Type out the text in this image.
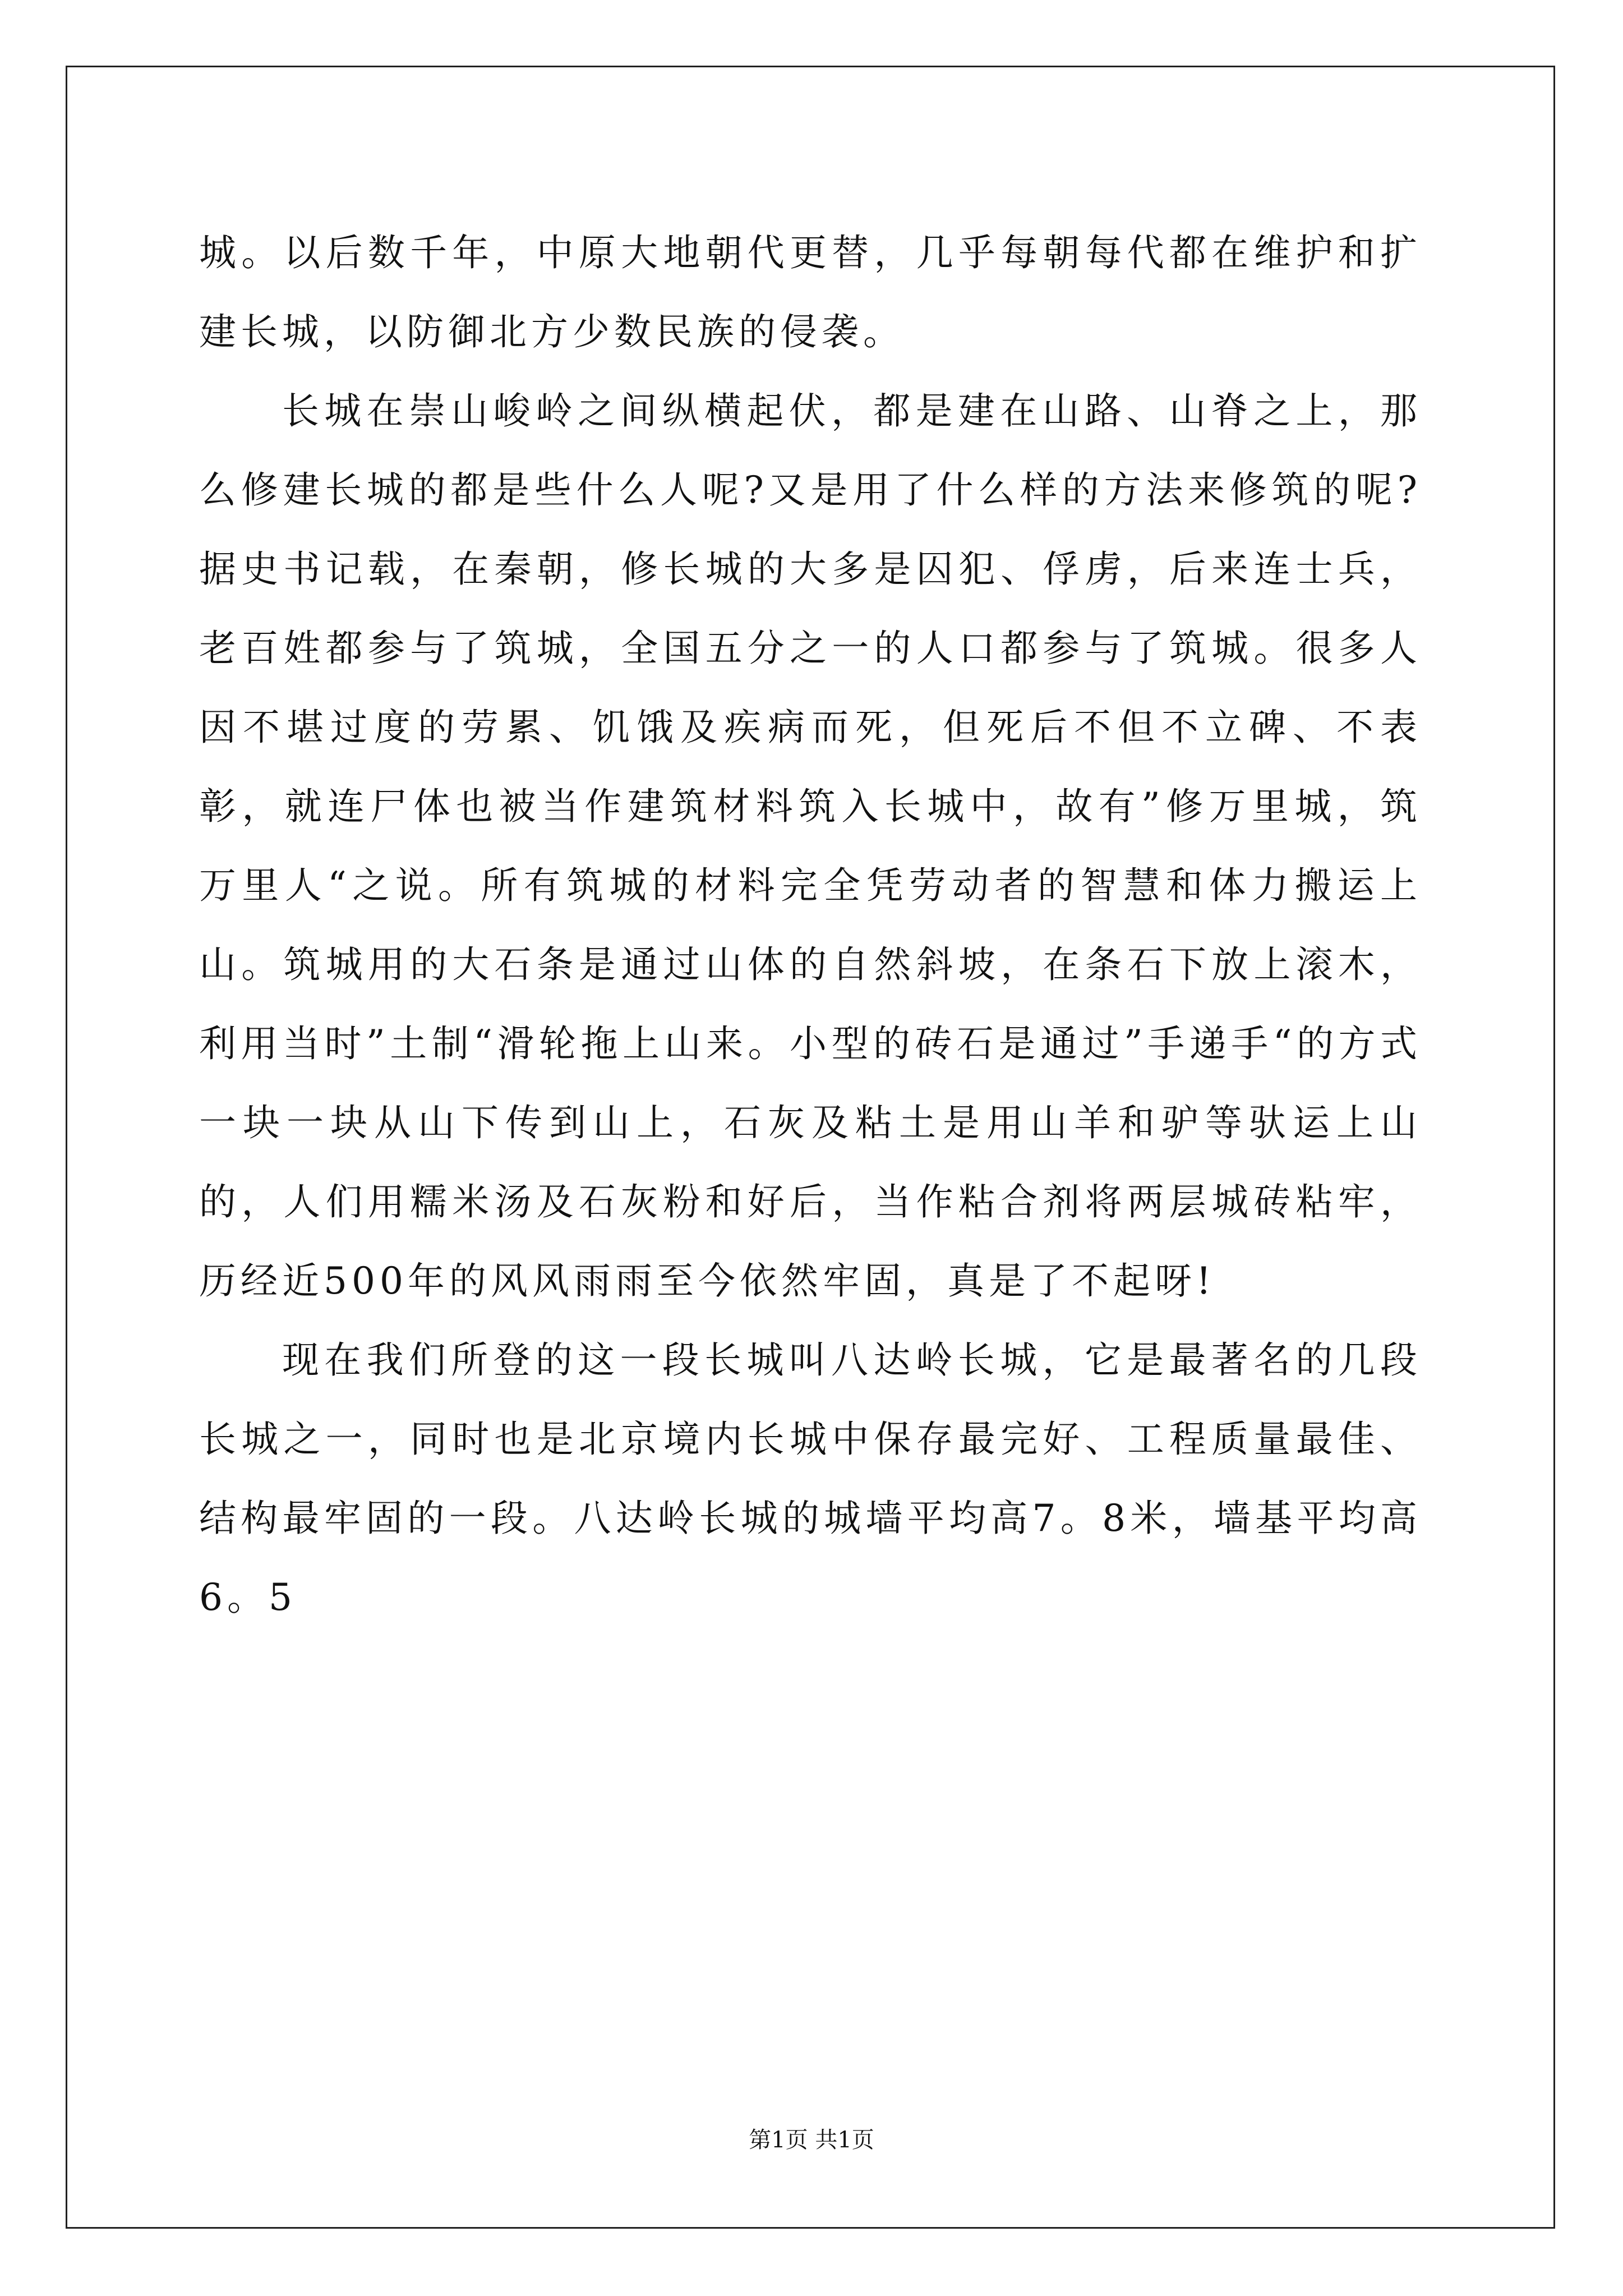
城。以后数千年，中原大地朝代更替，几乎每朝每代都在维护和扩建长城，以防御北方少数民族的侵袭。

长城在崇山峻岭之间纵横起伏，都是建在山路、山脊之上，那么修建长城的都是些什么人呢?又是用了什么样的方法来修筑的呢?据史书记载，在秦朝，修长城的大多是囚犯、俘虏，后来连士兵，老百姓都参与了筑城，全国五分之一的人口都参与了筑城。很多人因不堪过度的劳累、饥饿及疾病而死，但死后不但不立碑、不表彰，就连尸体也被当作建筑材料筑入长城中，故有”修万里城，筑万里人“之说。所有筑城的材料完全凭劳动者的智慧和体力搬运上山。筑城用的大石条是通过山体的自然斜坡，在条石下放上滚木，利用当时”土制“滑轮拖上山来。小型的砖石是通过”手递手“的方式一块一块从山下传到山上，石灰及粘土是用山羊和驴等驮运上山的，人们用糯米汤及石灰粉和好后，当作粘合剂将两层城砖粘牢，历经近500年的风风雨雨至今依然牢固，真是了不起呀!

现在我们所登的这一段长城叫八达岭长城，它是最著名的几段长城之一，同时也是北京境内长城中保存最完好、工程质量最佳、结构最牢固的一段。八达岭长城的城墙平均高7。8米，墙基平均高6。5

第1页 共1页
